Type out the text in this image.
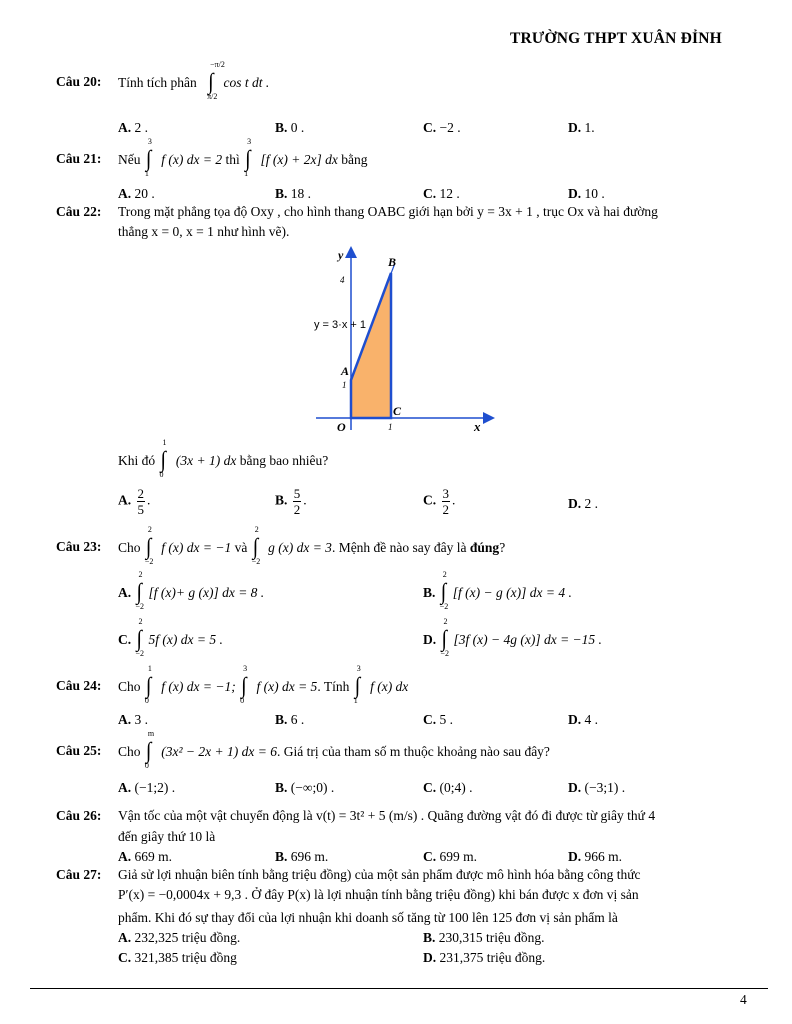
TRƯỜNG THPT XUÂN ĐỈNH
Câu 20: Tính tích phân
−π/2
∫
π/2
cos t dt .
A. 2 .	B. 0 .	C. −2 .	D. 1.
Câu 21: Nếu
3
∫
1
f (x) dx = 2 thì
3
∫
1
[f (x) + 2x] dx bằng
A. 20 .	B. 18 .	C. 12 .	D. 10 .
Câu 22: Trong mặt phẳng tọa độ Oxy , cho hình thang OABC giới hạn bởi y = 3x + 1 , trục Ox và hai đường
thẳng x = 0, x = 1 như hình vẽ).
y
x
O
A
B
C
4
1
1
y = 3·x + 1
Khi đó
1
∫
0
(3x + 1) dx bằng bao nhiêu?
A. $\frac{2}{5}$ .	B. $\frac{5}{2}$ .	C. $\frac{3}{2}$ .	D. 2 .
Câu 23: Cho
2
∫
−2
f (x) dx = −1 và
2
∫
−2
g (x) dx = 3. Mệnh đề nào say đây là đúng?
A.
2
∫
−2
[f (x)+ g (x)] dx = 8 .	B.
2
∫
−2
[f (x) − g (x)] dx = 4 .
C.
2
∫
−2
5f (x) dx = 5 .	D.
2
∫
−2
[3f (x) − 4g (x)] dx = −15 .
Câu 24: Cho
1
∫
0
f (x) dx = −1;
3
∫
0
f (x) dx = 5. Tính
3
∫
1
f (x) dx
A. 3 .	B. 6 .	C. 5 .	D. 4 .
Câu 25: Cho
m
∫
0
(3x² − 2x + 1) dx = 6. Giá trị của tham số m thuộc khoảng nào sau đây?
A. (−1;2) .	B. (−∞;0) .	C. (0;4) .	D. (−3;1) .
Câu 26: Vận tốc của một vật chuyển động là v(t) = 3t² + 5 (m/s) . Quãng đường vật đó đi được từ giây thứ 4
đến giây thứ 10 là
A. 669 m.	B. 696 m.	C. 699 m.	D. 966 m.
Câu 27: Giả sử lợi nhuận biên tính bằng triệu đồng) của một sản phẩm được mô hình hóa bằng công thức
P′(x) = −0,0004x + 9,3 . Ở đây P(x) là lợi nhuận tính bằng triệu đồng) khi bán được x đơn vị sản
phẩm. Khi đó sự thay đổi của lợi nhuận khi doanh số tăng từ 100 lên 125 đơn vị sản phẩm là
A. 232,325 triệu đồng.	B. 230,315 triệu đồng.
C. 321,385 triệu đồng	D. 231,375 triệu đồng.
4
